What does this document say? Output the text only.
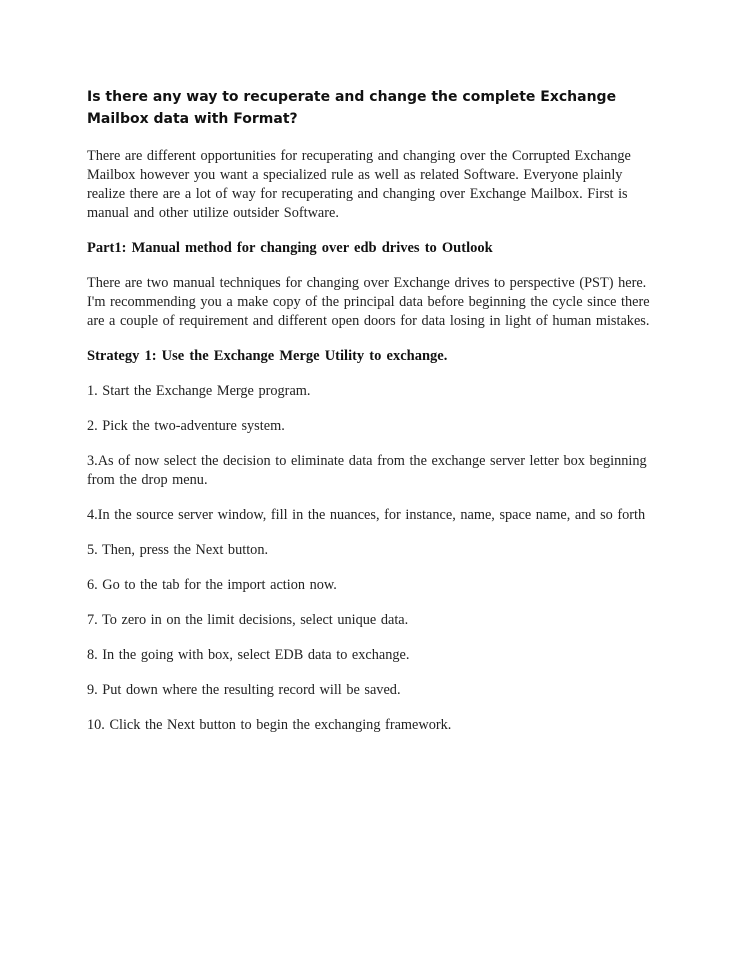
Is there any way to recuperate and change the complete Exchange Mailbox data with Format?

There are different opportunities for recuperating and changing over the Corrupted Exchange Mailbox however you want a specialized rule as well as related Software. Everyone plainly realize there are a lot of way for recuperating and changing over Exchange Mailbox. First is manual and other utilize outsider Software.

Part1: Manual method for changing over edb drives to Outlook

There are two manual techniques for changing over Exchange drives to perspective (PST) here. I'm recommending you a make copy of the principal data before beginning the cycle since there are a couple of requirement and different open doors for data losing in light of human mistakes.

Strategy 1: Use the Exchange Merge Utility to exchange.
1. Start the Exchange Merge program.
2. Pick the two-adventure system.
3.As of now select the decision to eliminate data from the exchange server letter box beginning from the drop menu.
4.In the source server window, fill in the nuances, for instance, name, space name, and so forth
5. Then, press the Next button.
6. Go to the tab for the import action now.
7. To zero in on the limit decisions, select unique data.
8. In the going with box, select EDB data to exchange.
9. Put down where the resulting record will be saved.
10. Click the Next button to begin the exchanging framework.
